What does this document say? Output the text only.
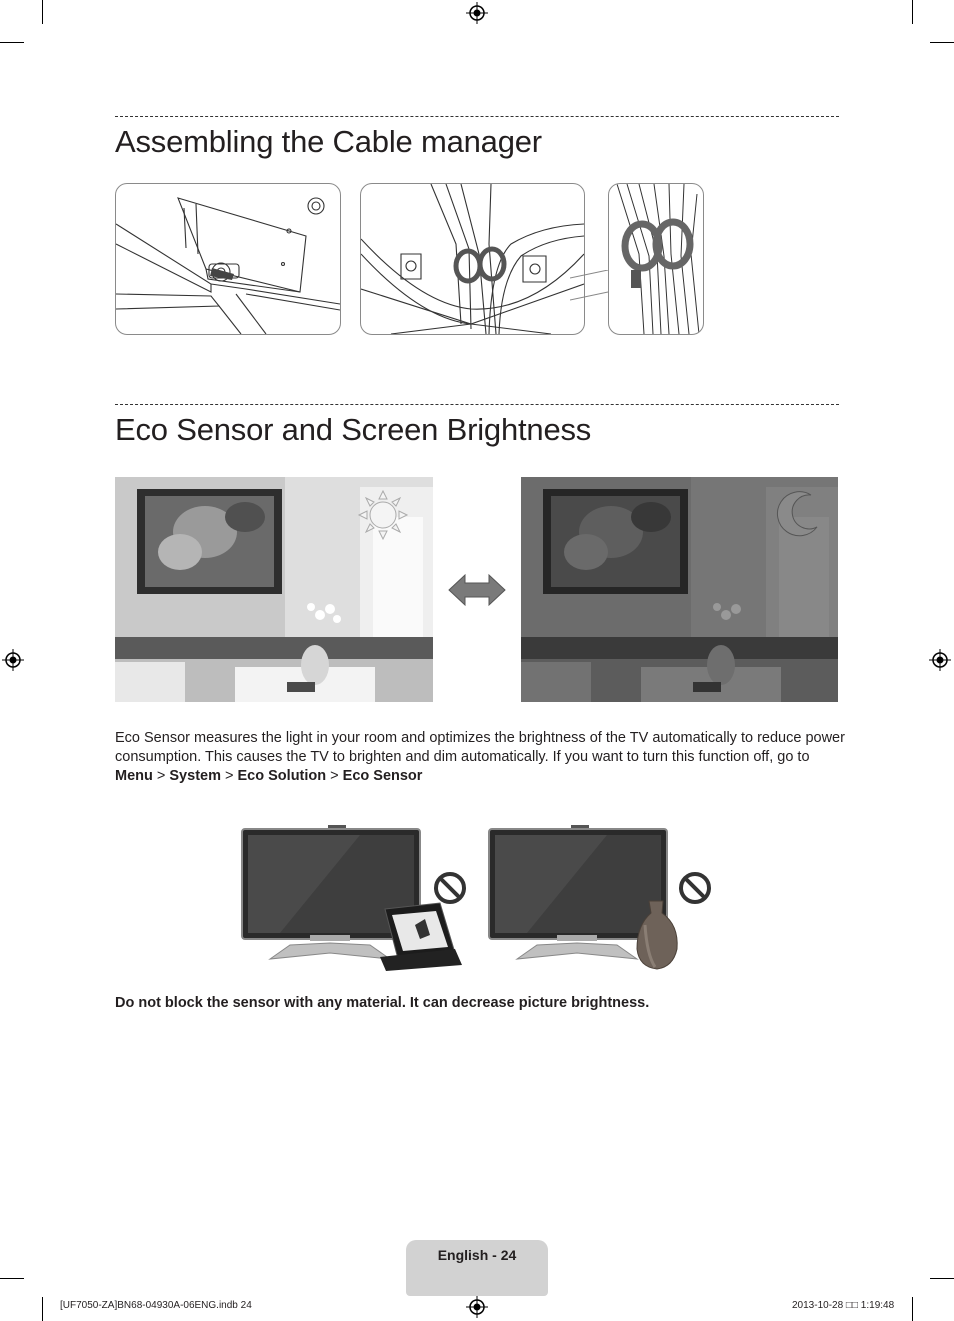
Assembling the Cable manager
Eco Sensor and Screen Brightness
Eco Sensor measures the light in your room and optimizes the brightness of the TV automatically to reduce power consumption. This causes the TV to brighten and dim automatically. If you want to turn this function off, go to Menu > System > Eco Solution > Eco Sensor
Do not block the sensor with any material. It can decrease picture brightness.
English - 24
[UF7050-ZA]BN68-04930A-06ENG.indb 24	2013-10-28 □□ 1:19:48
